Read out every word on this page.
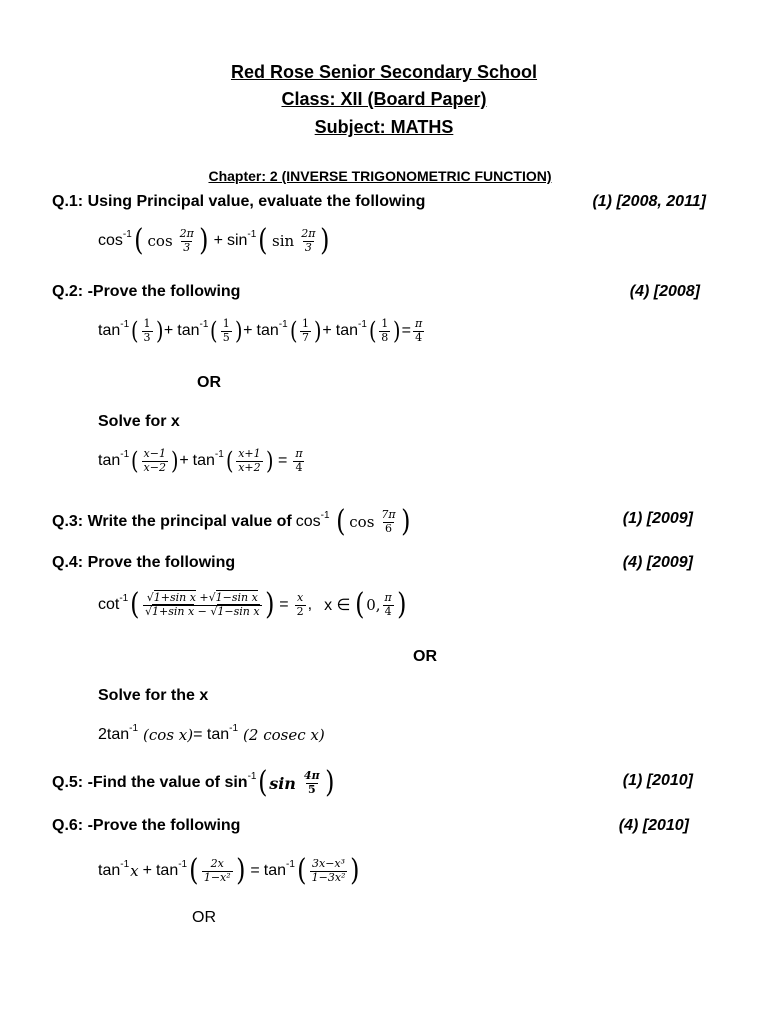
Red Rose Senior Secondary School
Class: XII (Board Paper)
Subject: MATHS
Chapter: 2 (INVERSE TRIGONOMETRIC FUNCTION)
Q.1: Using Principal value, evaluate the following	(1) [2008, 2011]
cos -1 ( $\cos \frac{2\pi}{3}$ ) + sin -1 ( $\sin \frac{2\pi}{3}$ )
Q.2: -Prove the following	(4) [2008]
tan -1 ( $\frac{1}{3}$ ) + tan -1 ( $\frac{1}{5}$ ) + tan -1 ( $\frac{1}{7}$ ) + tan -1 ( $\frac{1}{8}$ ) = $\frac{\pi}{4}$
OR
Solve for x
tan -1 ( $\frac{x-1}{x-2}$ ) + tan -1 ( $\frac{x+1}{x+2}$ ) = $\frac{\pi}{4}$
Q.3: Write the principal value of cos -1 ( $\cos \frac{7\pi}{6}$ )	(1) [2009]
Q.4: Prove the following	(4) [2009]
cot -1 ( $\frac{\text{√1+sin x +√1−sin x}}{\text{√1+sin x − √1−sin x}}$ ) = $\frac{x}{2}$ , x ∈ ( 0, $\frac{\pi}{4}$ )
OR
Solve for the x
2tan -1 (cos x) = tan -1 (2 cosec x)
Q.5: -Find the value of sin -1 ( $\sin \frac{4\pi}{5}$ )	(1) [2010]
Q.6: -Prove the following	(4) [2010]
tan -1 x + tan -1 ( $\frac{2x}{\text{1−x²}}$ ) = tan -1 ( $\frac{\text{3x−x³}}{\text{1−3x²}}$ )
OR
